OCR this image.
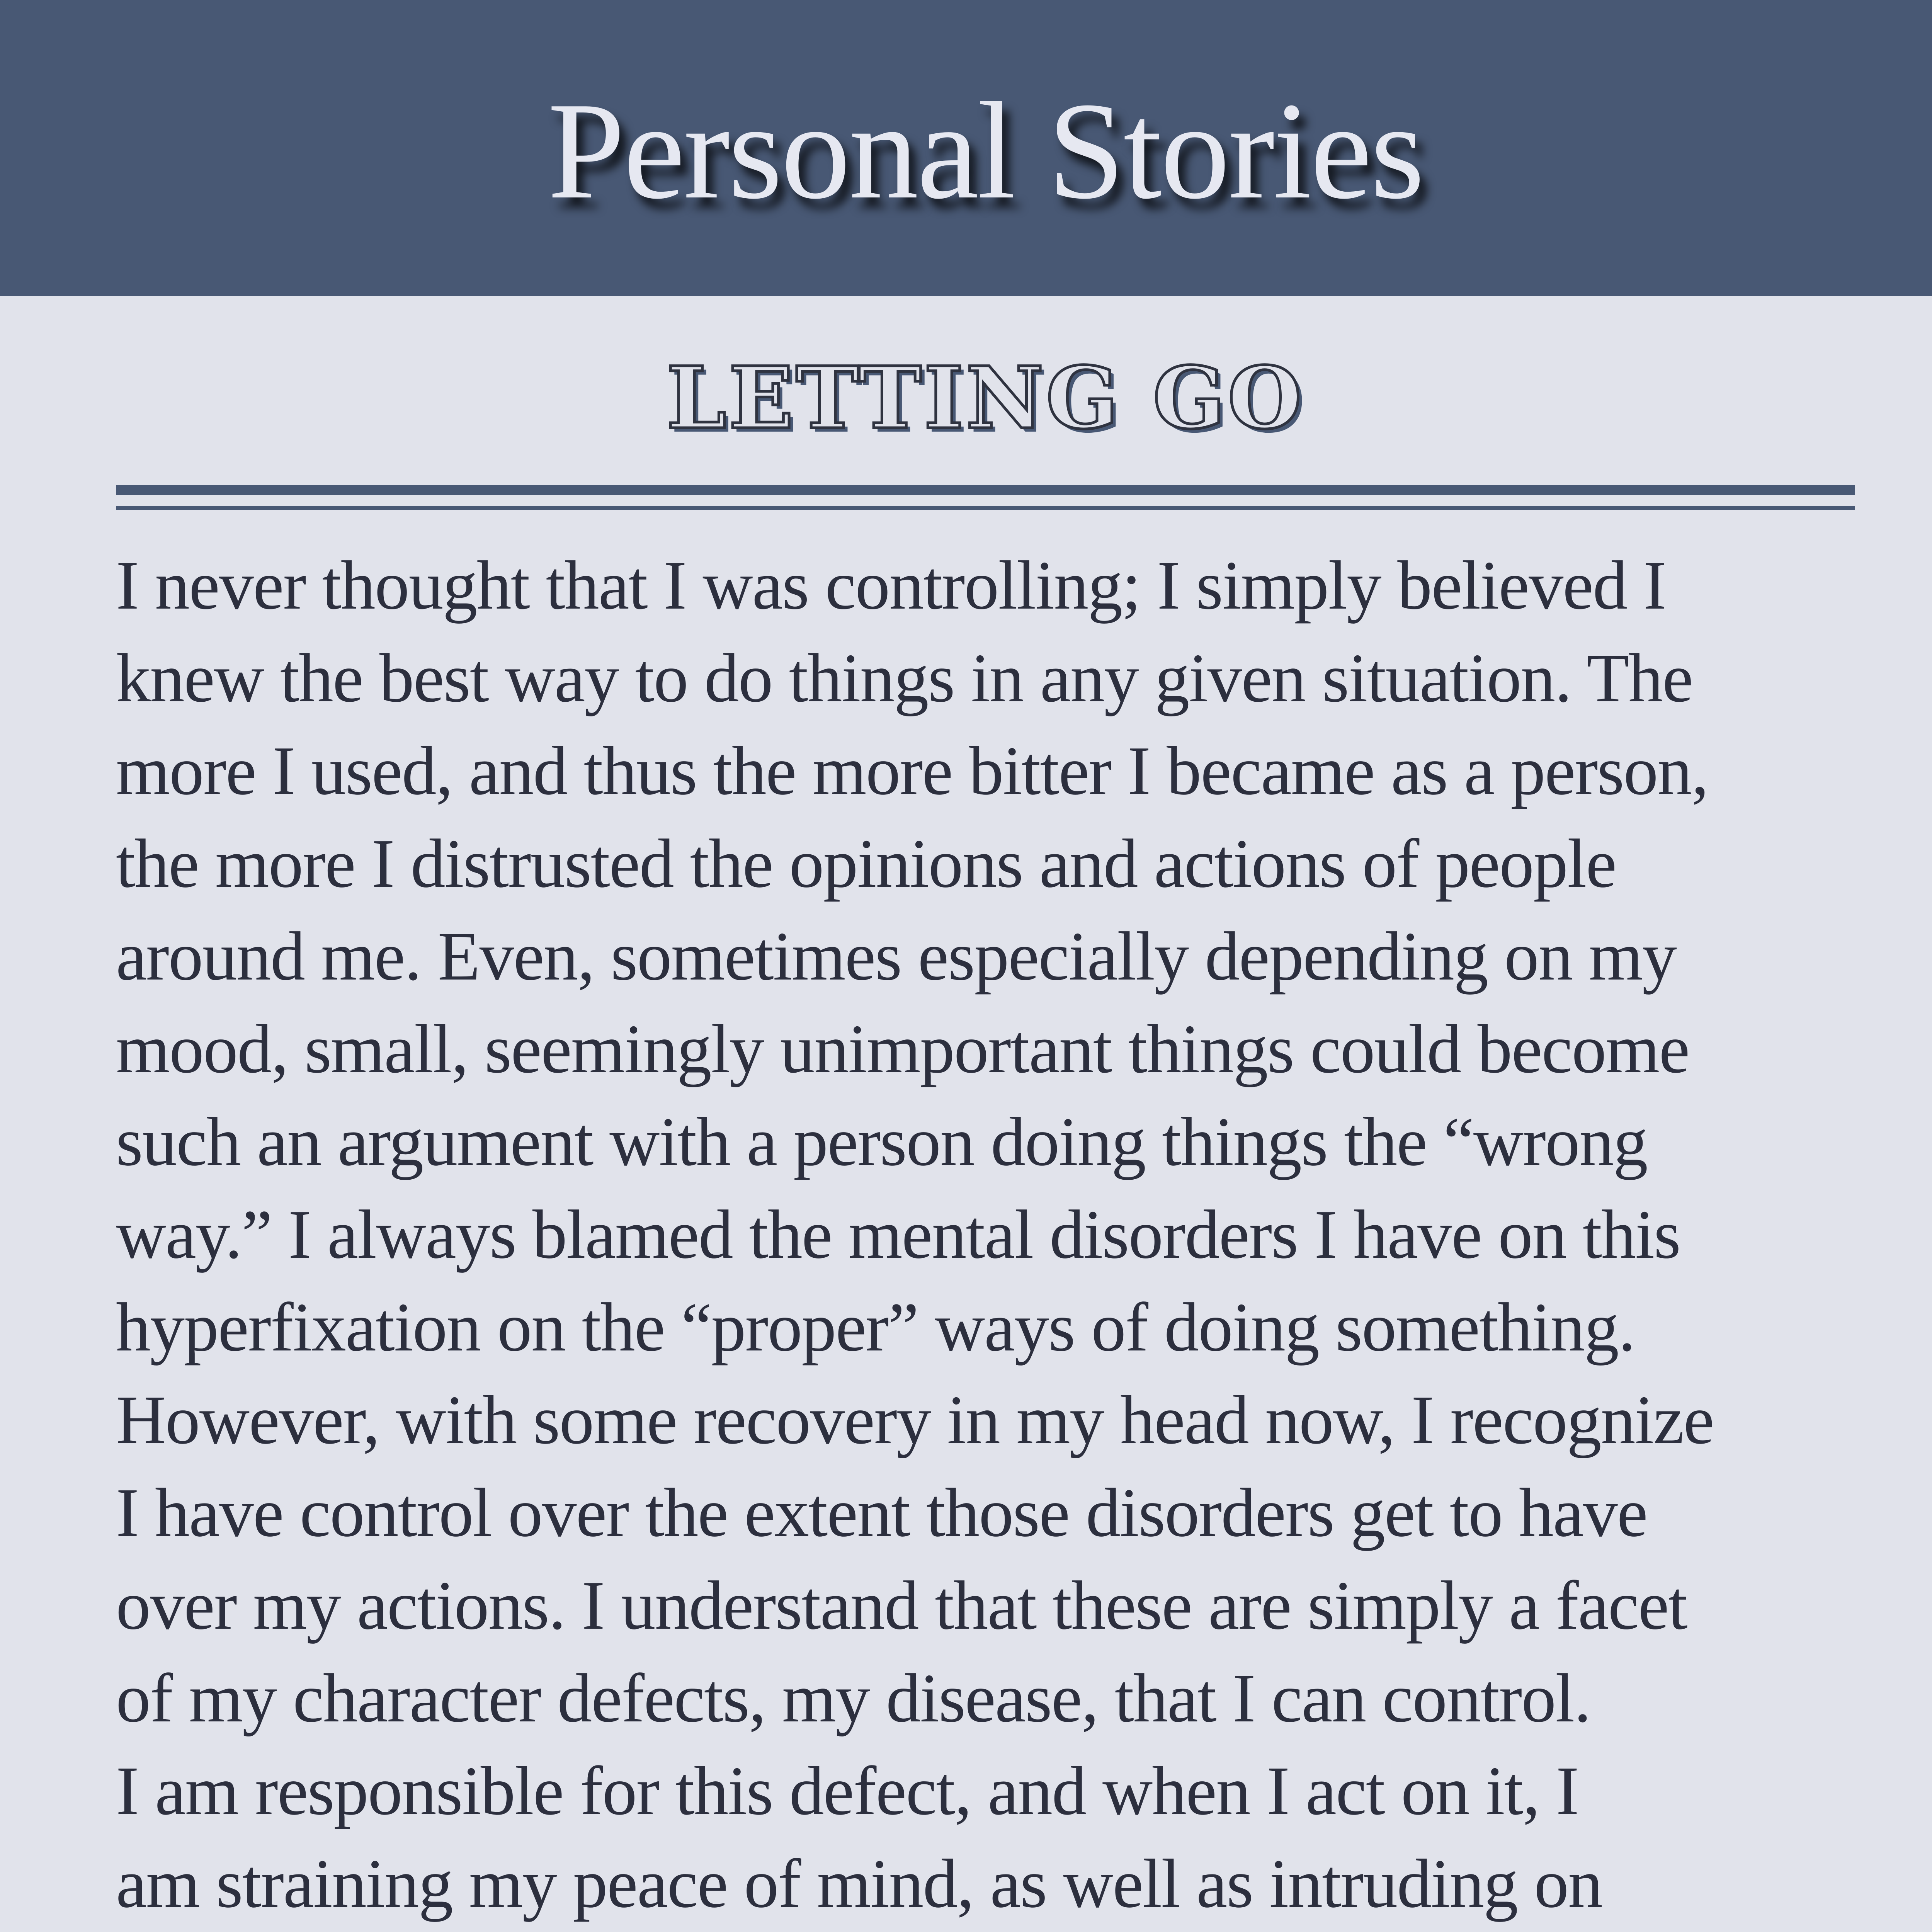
Personal Stories
LETTING GO
I never thought that I was controlling; I simply believed I
knew the best way to do things in any given situation. The
more I used, and thus the more bitter I became as a person,
the more I distrusted the opinions and actions of people
around me. Even, sometimes especially depending on my
mood, small, seemingly unimportant things could become
such an argument with a person doing things the “wrong
way.” I always blamed the mental disorders I have on this
hyperfixation on the “proper” ways of doing something.
However, with some recovery in my head now, I recognize
I have control over the extent those disorders get to have
over my actions. I understand that these are simply a facet
of my character defects, my disease, that I can control.
I am responsible for this defect, and when I act on it, I
am straining my peace of mind, as well as intruding on
